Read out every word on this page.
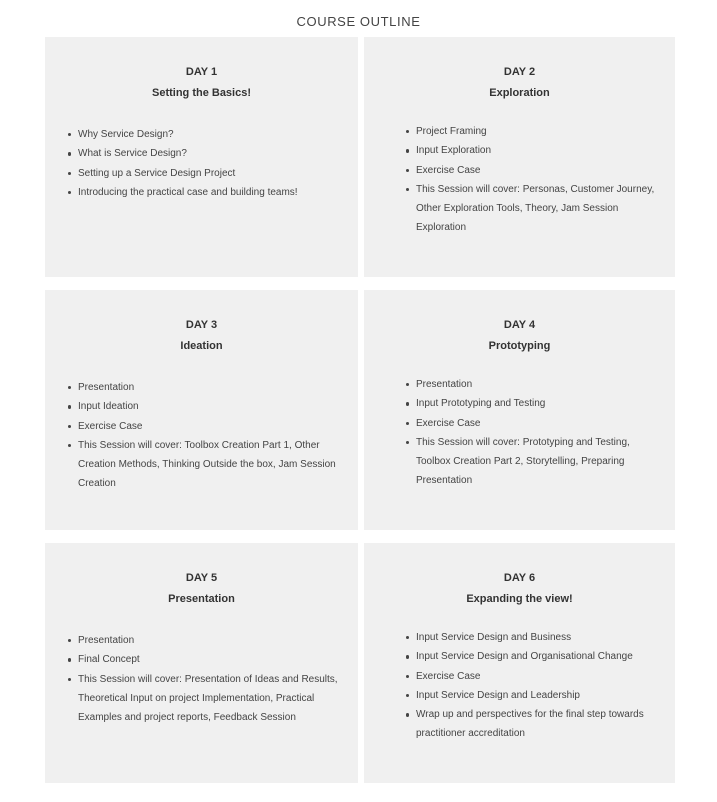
COURSE OUTLINE
DAY 1
Setting the Basics!
Why Service Design?
What is Service Design?
Setting up a Service Design Project
Introducing the practical case and building teams!
DAY 2
Exploration
Project Framing
Input Exploration
Exercise Case
This Session will cover: Personas, Customer Journey, Other Exploration Tools, Theory, Jam Session Exploration
DAY 3
Ideation
Presentation
Input Ideation
Exercise Case
This Session will cover: Toolbox Creation Part 1, Other Creation Methods, Thinking Outside the box, Jam Session Creation
DAY 4
Prototyping
Presentation
Input Prototyping and Testing
Exercise Case
This Session will cover: Prototyping and Testing, Toolbox Creation Part 2, Storytelling, Preparing Presentation
DAY 5
Presentation
Presentation
Final Concept
This Session will cover: Presentation of Ideas and Results, Theoretical Input on project Implementation, Practical Examples and project reports, Feedback Session
DAY 6
Expanding the view!
Input Service Design and Business
Input Service Design and Organisational Change
Exercise Case
Input Service Design and Leadership
Wrap up and perspectives for the final step towards practitioner accreditation
